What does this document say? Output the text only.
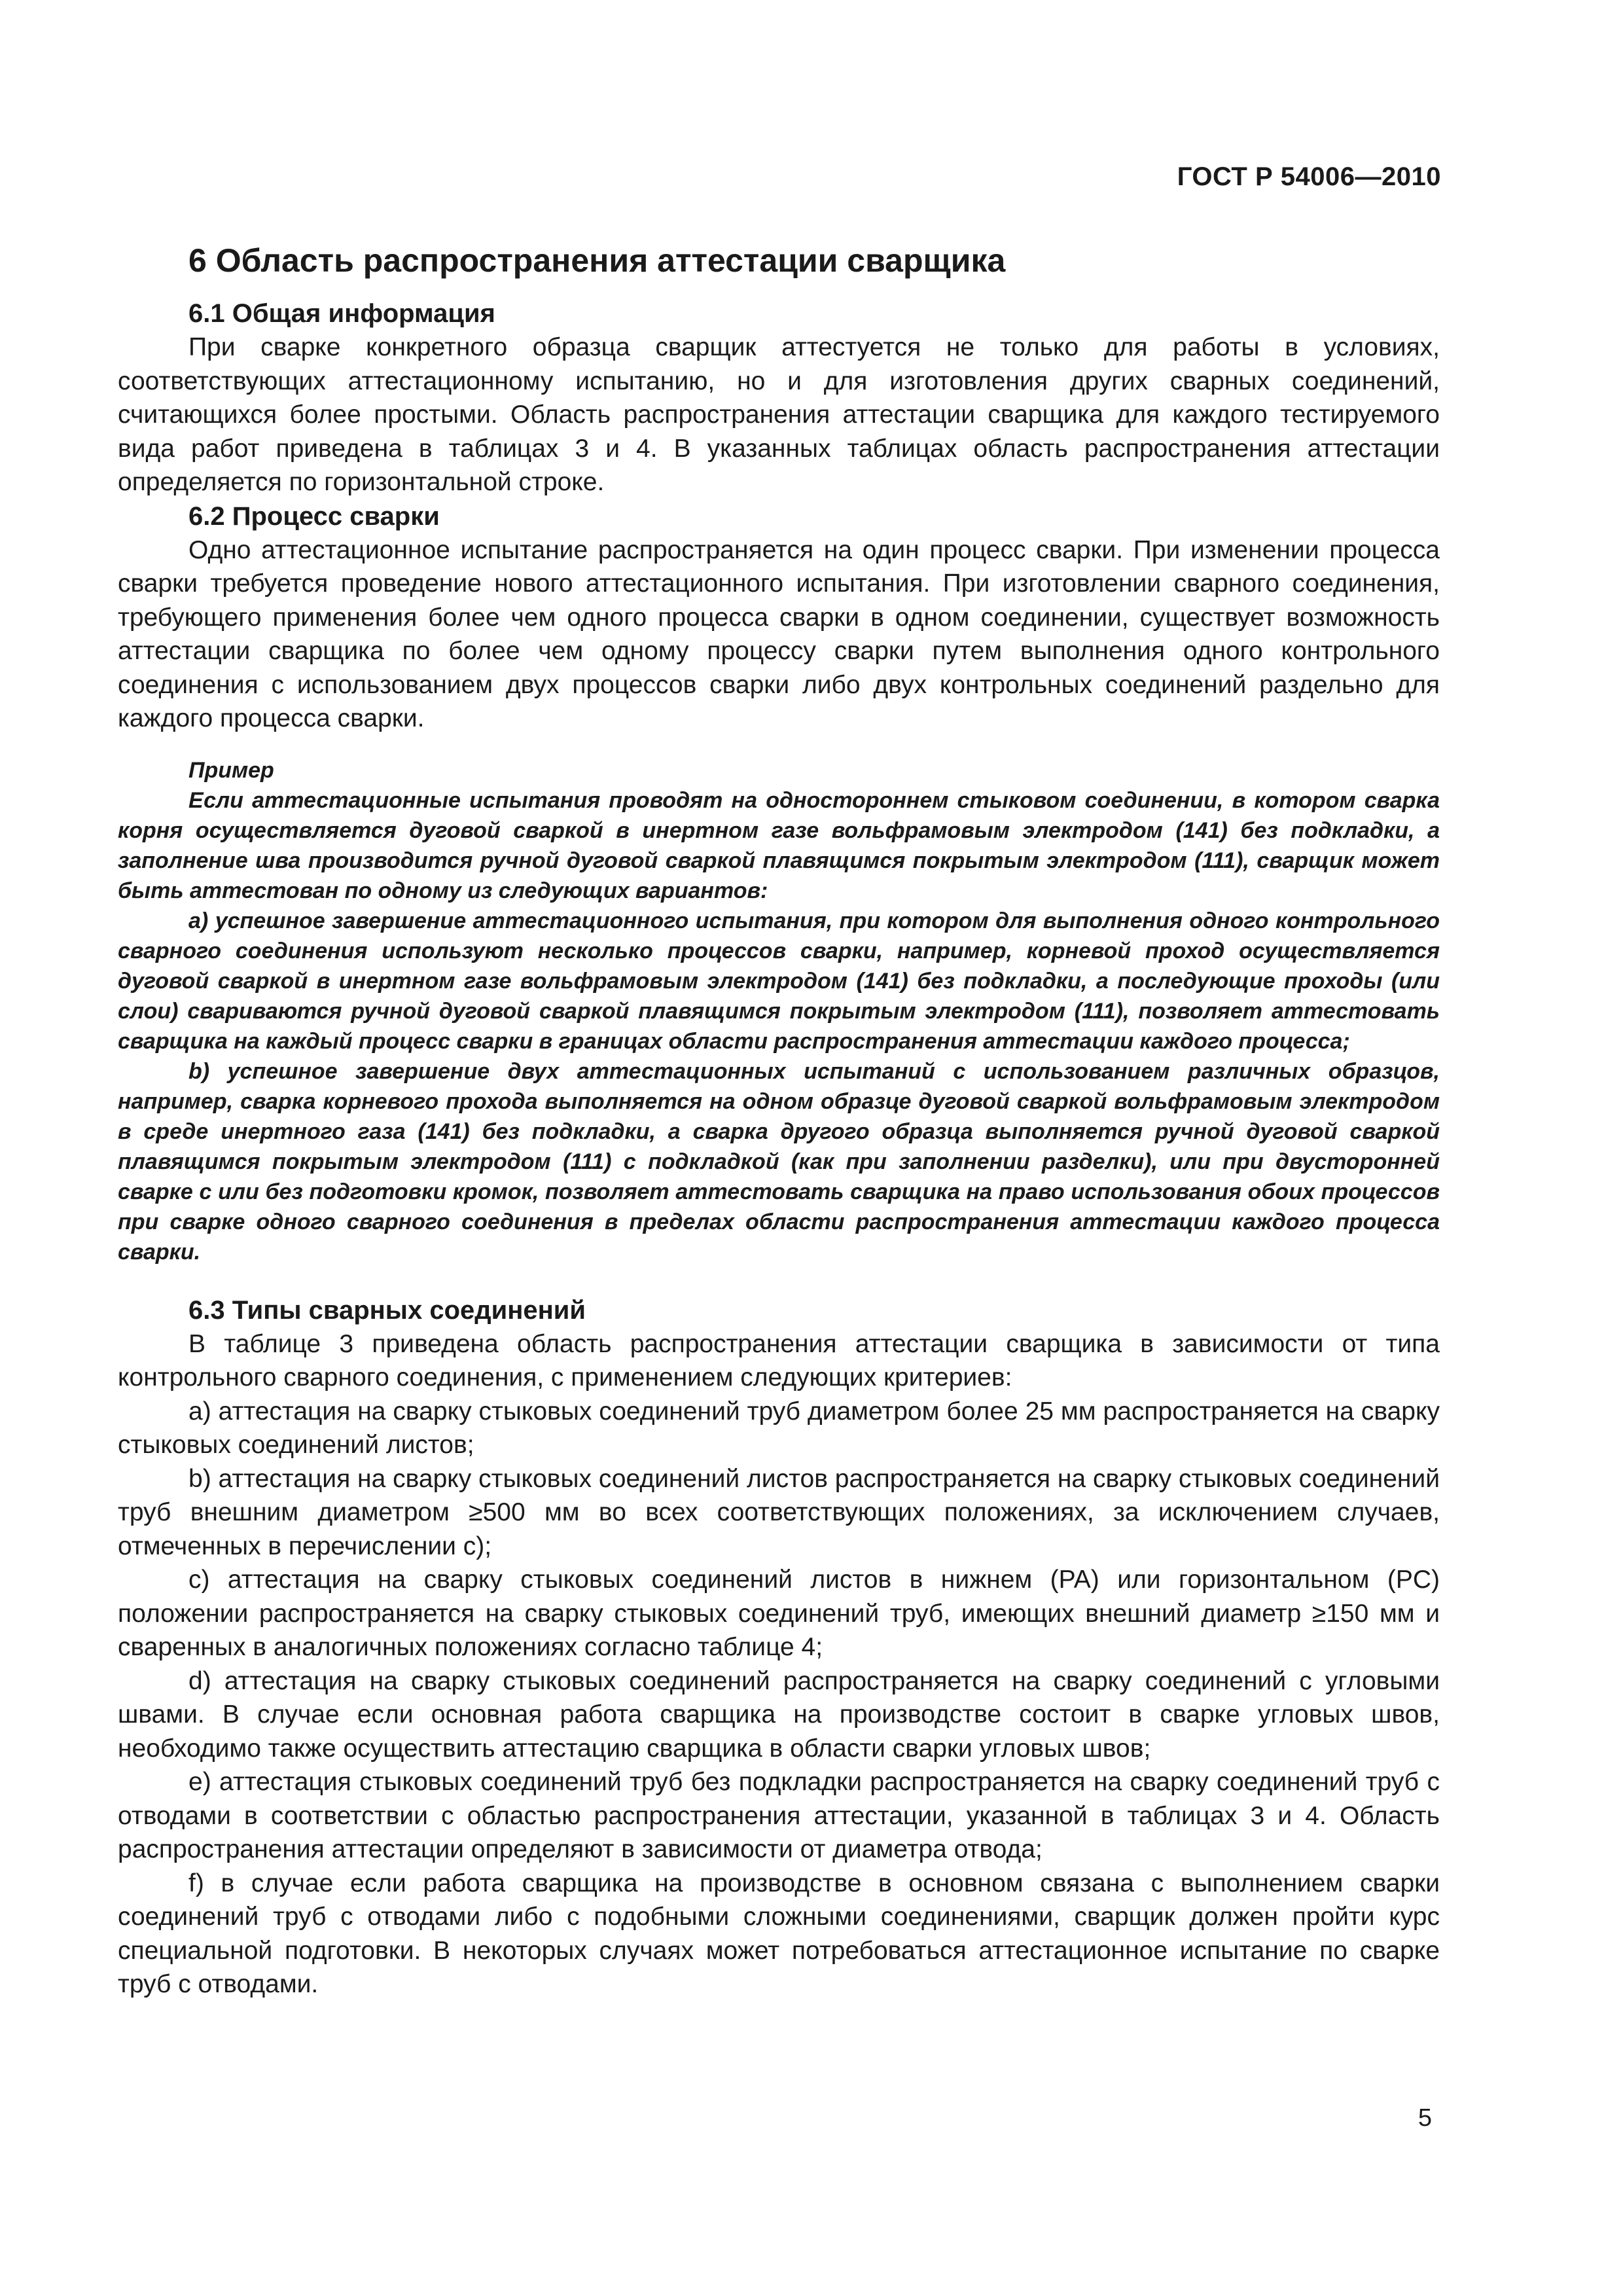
ГОСТ Р 54006—2010
6 Область распространения аттестации сварщика
6.1 Общая информация

При сварке конкретного образца сварщик аттестуется не только для работы в условиях, соответствующих аттестационному испытанию, но и для изготовления других сварных соединений, считающихся более простыми. Область распространения аттестации сварщика для каждого тестируемого вида работ приведена в таблицах 3 и 4. В указанных таблицах область распространения аттестации определяется по горизонтальной строке.

6.2 Процесс сварки

Одно аттестационное испытание распространяется на один процесс сварки. При изменении процесса сварки требуется проведение нового аттестационного испытания. При изготовлении сварного соединения, требующего применения более чем одного процесса сварки в одном соединении, существует возможность аттестации сварщика по более чем одному процессу сварки путем выполнения одного контрольного соединения с использованием двух процессов сварки либо двух контрольных соединений раздельно для каждого процесса сварки.

Пример

Если аттестационные испытания проводят на одностороннем стыковом соединении, в котором сварка корня осуществляется дуговой сваркой в инертном газе вольфрамовым электродом (141) без подкладки, а заполнение шва производится ручной дуговой сваркой плавящимся покрытым электродом (111), сварщик может быть аттестован по одному из следующих вариантов:

a) успешное завершение аттестационного испытания, при котором для выполнения одного контрольного сварного соединения используют несколько процессов сварки, например, корневой проход осуществляется дуговой сваркой в инертном газе вольфрамовым электродом (141) без подкладки, а последующие проходы (или слои) свариваются ручной дуговой сваркой плавящимся покрытым электродом (111), позволяет аттестовать сварщика на каждый процесс сварки в границах области распространения аттестации каждого процесса;

b) успешное завершение двух аттестационных испытаний с использованием различных образцов, например, сварка корневого прохода выполняется на одном образце дуговой сваркой вольфрамовым электродом в среде инертного газа (141) без подкладки, а сварка другого образца выполняется ручной дуговой сваркой плавящимся покрытым электродом (111) с подкладкой (как при заполнении разделки), или при двусторонней сварке с или без подготовки кромок, позволяет аттестовать сварщика на право использования обоих процессов при сварке одного сварного соединения в пределах области распространения аттестации каждого процесса сварки.

6.3 Типы сварных соединений

В таблице 3 приведена область распространения аттестации сварщика в зависимости от типа контрольного сварного соединения, с применением следующих критериев:

a) аттестация на сварку стыковых соединений труб диаметром более 25 мм распространяется на сварку стыковых соединений листов;

b) аттестация на сварку стыковых соединений листов распространяется на сварку стыковых соединений труб внешним диаметром ≥500 мм во всех соответствующих положениях, за исключением случаев, отмеченных в перечислении с);

c) аттестация на сварку стыковых соединений листов в нижнем (PA) или горизонтальном (PC) положении распространяется на сварку стыковых соединений труб, имеющих внешний диаметр ≥150 мм и сваренных в аналогичных положениях согласно таблице 4;

d) аттестация на сварку стыковых соединений распространяется на сварку соединений с угловыми швами. В случае если основная работа сварщика на производстве состоит в сварке угловых швов, необходимо также осуществить аттестацию сварщика в области сварки угловых швов;

e) аттестация стыковых соединений труб без подкладки распространяется на сварку соединений труб с отводами в соответствии с областью распространения аттестации, указанной в таблицах 3 и 4. Область распространения аттестации определяют в зависимости от диаметра отвода;

f) в случае если работа сварщика на производстве в основном связана с выполнением сварки соединений труб с отводами либо с подобными сложными соединениями, сварщик должен пройти курс специальной подготовки. В некоторых случаях может потребоваться аттестационное испытание по сварке труб с отводами.

5
